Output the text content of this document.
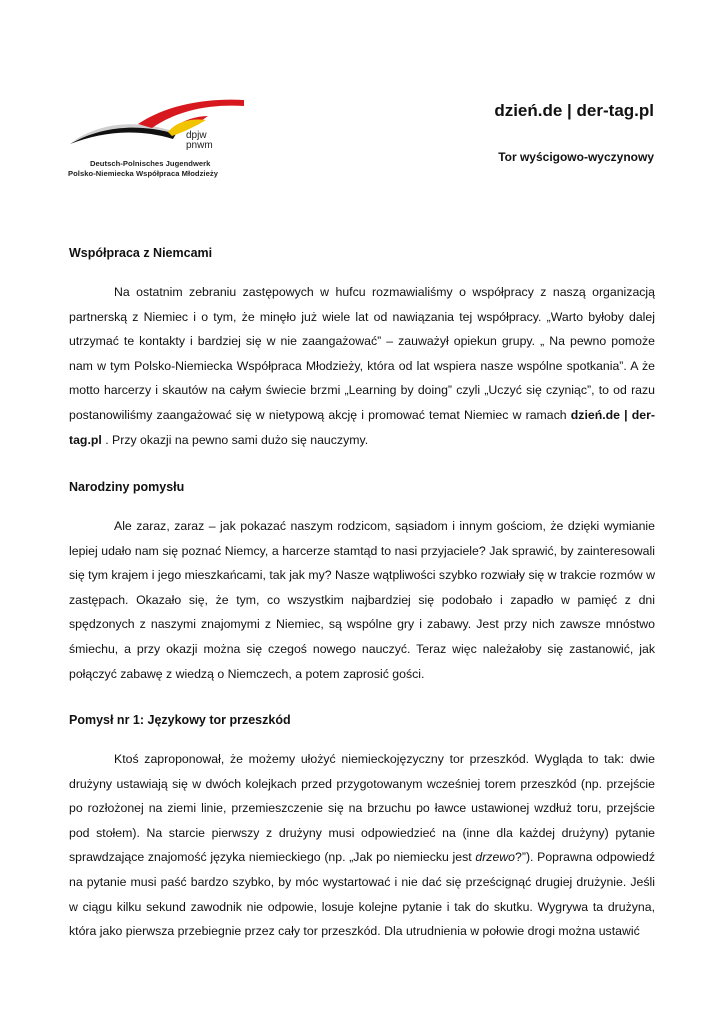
dpjw
pnwm
Deutsch-Polnisches Jugendwerk
Polsko-Niemiecka Współpraca Młodzieży
dzień.de | der-tag.pl
Tor wyścigowo-wyczynowy
Współpraca z Niemcami

Na ostatnim zebraniu zastępowych w hufcu rozmawialiśmy o współpracy z naszą organizacją partnerską z Niemiec i o tym, że minęło już wiele lat od nawiązania tej współpracy. „Warto byłoby dalej utrzymać te kontakty i bardziej się w nie zaangażować” – zauważył opiekun grupy. „ Na pewno pomoże nam w tym Polsko-Niemiecka Współpraca Młodzieży, która od lat wspiera nasze wspólne spotkania”. A że motto harcerzy i skautów na całym świecie brzmi „Learning by doing” czyli „Uczyć się czyniąc”, to od razu postanowiliśmy zaangażować się w nietypową akcję i promować temat Niemiec w ramach dzień.de | der-tag.pl . Przy okazji na pewno sami dużo się nauczymy.

Narodziny pomysłu

Ale zaraz, zaraz – jak pokazać naszym rodzicom, sąsiadom i innym gościom, że dzięki wymianie lepiej udało nam się poznać Niemcy, a harcerze stamtąd to nasi przyjaciele? Jak sprawić, by zainteresowali się tym krajem i jego mieszkańcami, tak jak my? Nasze wątpliwości szybko rozwiały się w trakcie rozmów w zastępach. Okazało się, że tym, co wszystkim najbardziej się podobało i zapadło w pamięć z dni spędzonych z naszymi znajomymi z Niemiec, są wspólne gry i zabawy. Jest przy nich zawsze mnóstwo śmiechu, a przy okazji można się czegoś nowego nauczyć. Teraz więc należałoby się zastanowić, jak połączyć zabawę z wiedzą o Niemczech, a potem zaprosić gości.

Pomysł nr 1: Językowy tor przeszkód

Ktoś zaproponował, że możemy ułożyć niemieckojęzyczny tor przeszkód. Wygląda to tak: dwie drużyny ustawiają się w dwóch kolejkach przed przygotowanym wcześniej torem przeszkód (np. przejście po rozłożonej na ziemi linie, przemieszczenie się na brzuchu po ławce ustawionej wzdłuż toru, przejście pod stołem). Na starcie pierwszy z drużyny musi odpowiedzieć na (inne dla każdej drużyny) pytanie sprawdzające znajomość języka niemieckiego (np. „Jak po niemiecku jest drzewo?”). Poprawna odpowiedź na pytanie musi paść bardzo szybko, by móc wystartować i nie dać się prześcignąć drugiej drużynie. Jeśli w ciągu kilku sekund zawodnik nie odpowie, losuje kolejne pytanie i tak do skutku. Wygrywa ta drużyna, która jako pierwsza przebiegnie przez cały tor przeszkód. Dla utrudnienia w połowie drogi można ustawić
